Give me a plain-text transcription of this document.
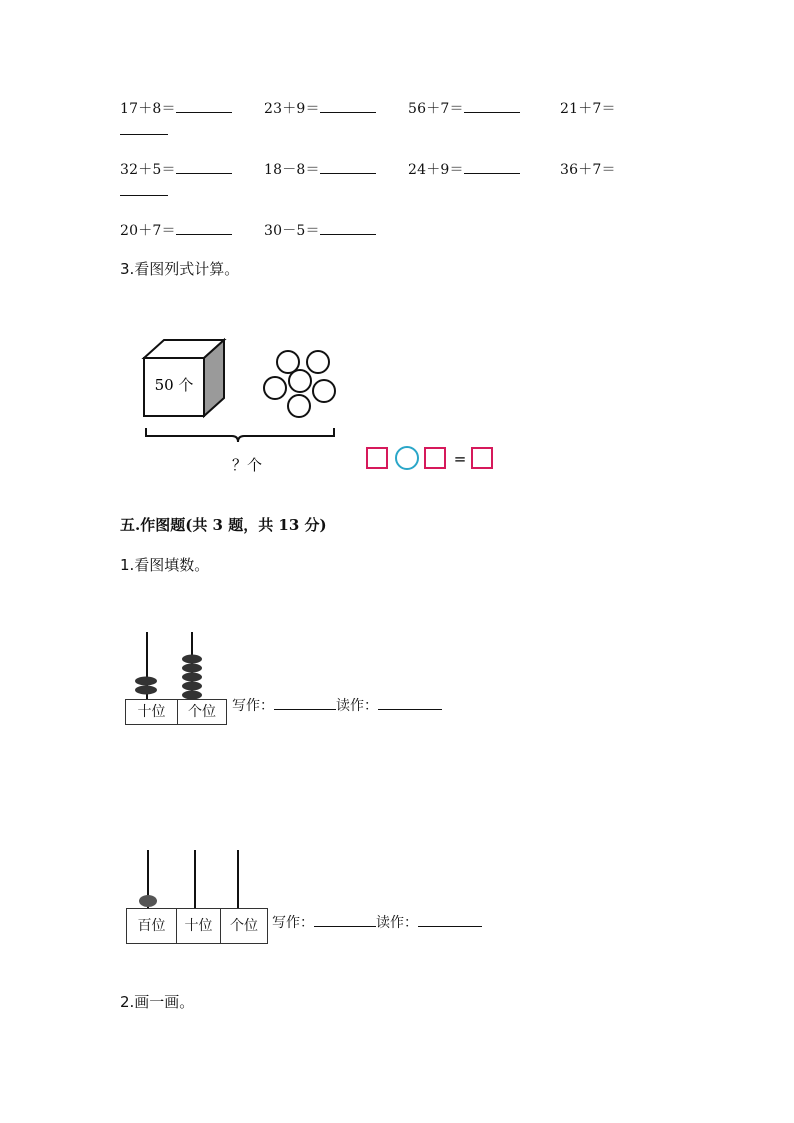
17＋8＝	23＋9＝	56＋7＝	21＋7＝
32＋5＝	18－8＝	24＋9＝	36＋7＝
20＋7＝	30－5＝
3.看图列式计算。
50 个
？个	=
五.作图题(共 3 题，共 13 分)
1.看图填数。
十位	个位	写作：	读作：
百位	十位	个位	写作：	读作：
2.画一画。
